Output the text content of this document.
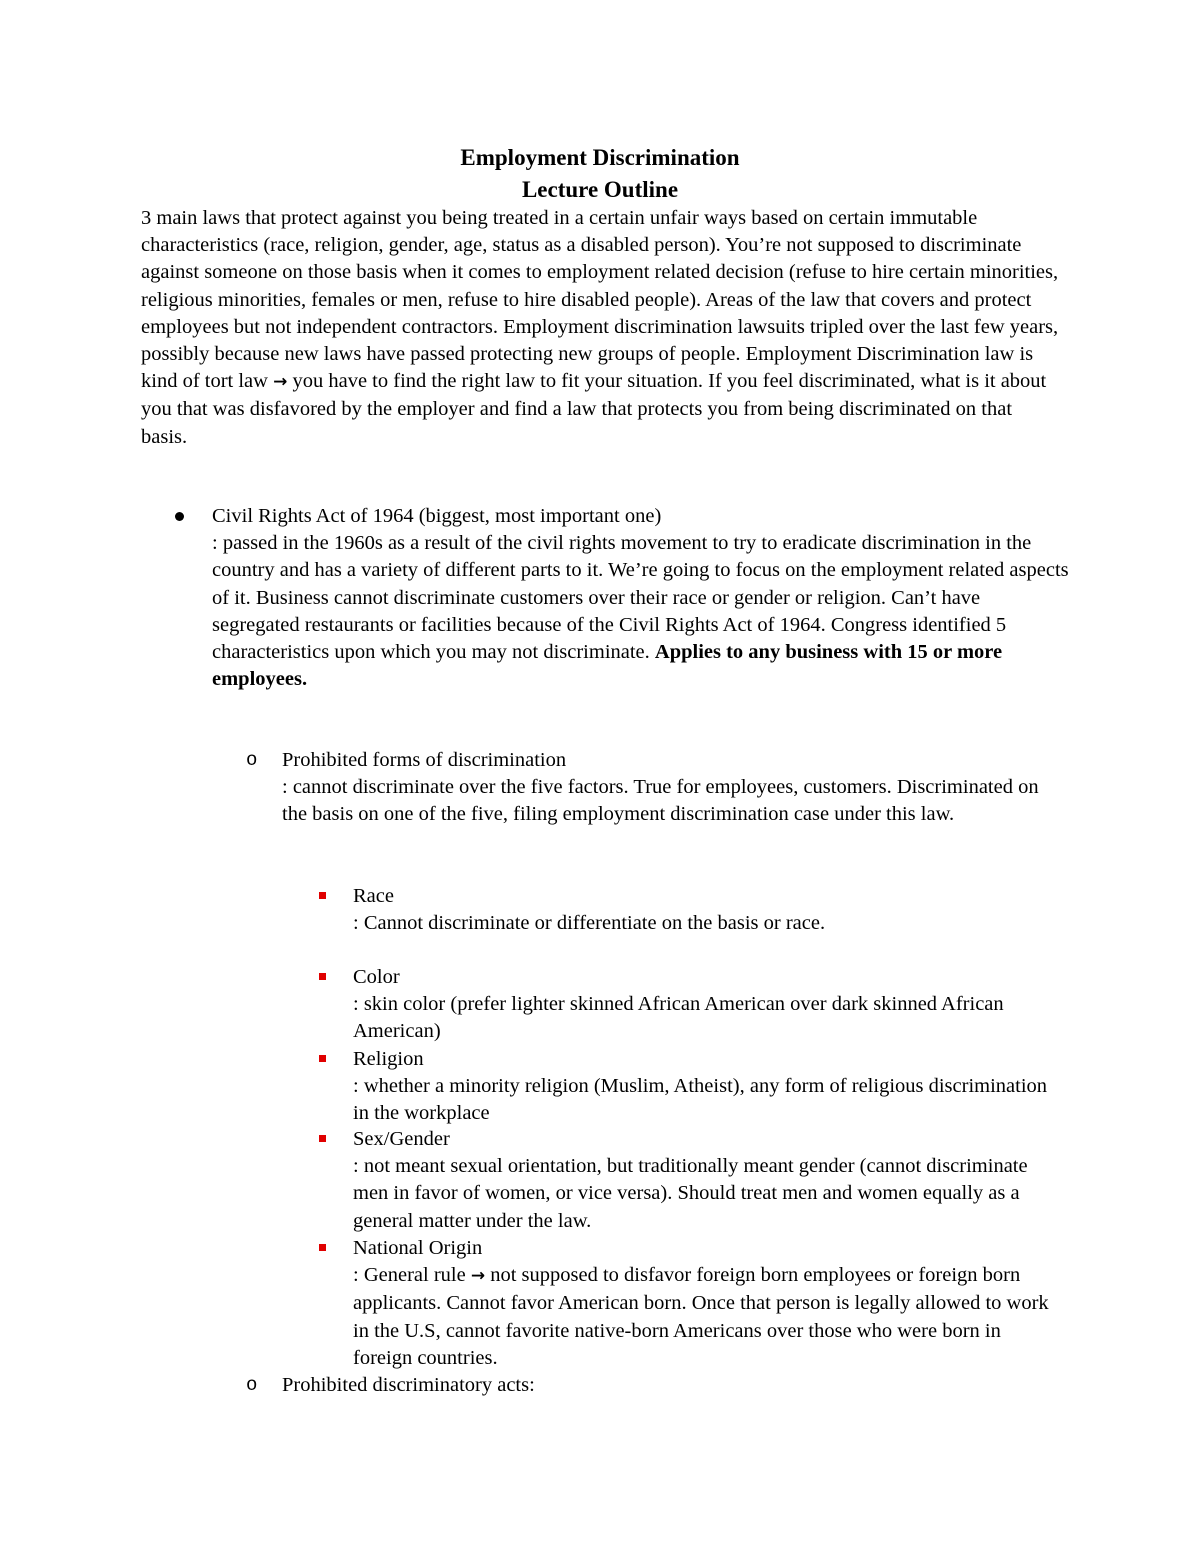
Employment Discrimination
Lecture Outline
3 main laws that protect against you being treated in a certain unfair ways based on certain immutable characteristics (race, religion, gender, age, status as a disabled person). You’re not supposed to discriminate against someone on those basis when it comes to employment related decision (refuse to hire certain minorities, religious minorities, females or men, refuse to hire disabled people). Areas of the law that covers and protect employees but not independent contractors. Employment discrimination lawsuits tripled over the last few years, possibly because new laws have passed protecting new groups of people. Employment Discrimination law is kind of tort law → you have to find the right law to fit your situation. If you feel discriminated, what is it about you that was disfavored by the employer and find a law that protects you from being discriminated on that basis.
Civil Rights Act of 1964 (biggest, most important one)
: passed in the 1960s as a result of the civil rights movement to try to eradicate discrimination in the country and has a variety of different parts to it. We’re going to focus on the employment related aspects of it. Business cannot discriminate customers over their race or gender or religion. Can’t have segregated restaurants or facilities because of the Civil Rights Act of 1964. Congress identified 5 characteristics upon which you may not discriminate. Applies to any business with 15 or more employees.
o Prohibited forms of discrimination
: cannot discriminate over the five factors. True for employees, customers. Discriminated on the basis on one of the five, filing employment discrimination case under this law.
Race
: Cannot discriminate or differentiate on the basis or race.
Color
: skin color (prefer lighter skinned African American over dark skinned African American)
Religion
: whether a minority religion (Muslim, Atheist), any form of religious discrimination in the workplace
Sex/Gender
: not meant sexual orientation, but traditionally meant gender (cannot discriminate men in favor of women, or vice versa). Should treat men and women equally as a general matter under the law.
National Origin
: General rule → not supposed to disfavor foreign born employees or foreign born applicants. Cannot favor American born. Once that person is legally allowed to work in the U.S, cannot favorite native-born Americans over those who were born in foreign countries.
o Prohibited discriminatory acts:
